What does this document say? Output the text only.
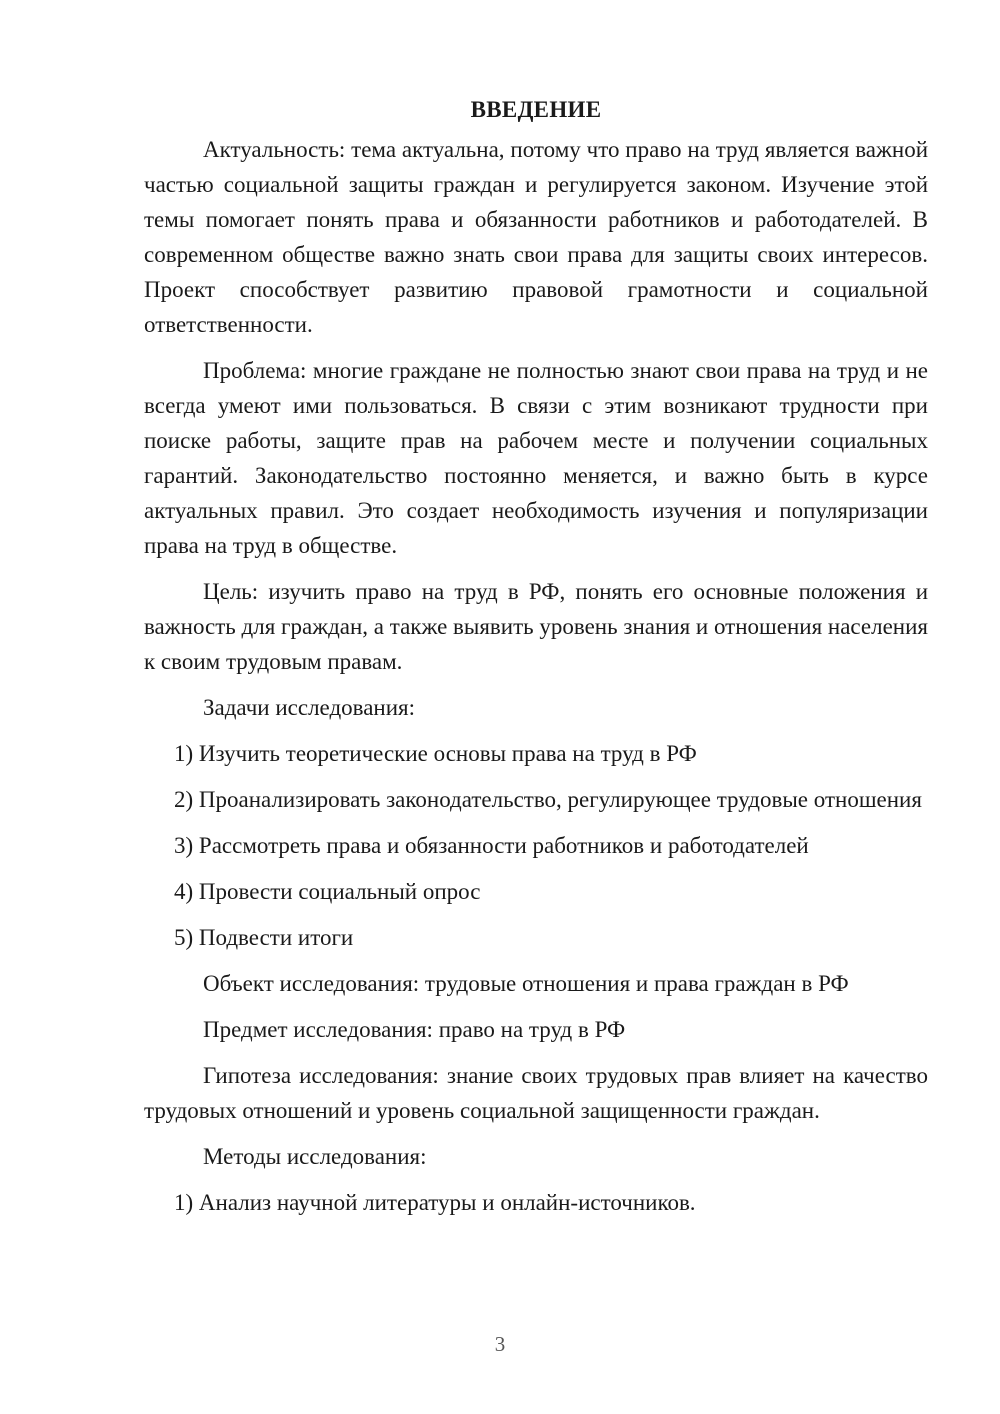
ВВЕДЕНИЕ

Актуальность: тема актуальна, потому что право на труд является важной частью социальной защиты граждан и регулируется законом. Изучение этой темы помогает понять права и обязанности работников и работодателей. В современном обществе важно знать свои права для защиты своих интересов. Проект способствует развитию правовой грамотности и социальной ответственности.

Проблема: многие граждане не полностью знают свои права на труд и не всегда умеют ими пользоваться. В связи с этим возникают трудности при поиске работы, защите прав на рабочем месте и получении социальных гарантий. Законодательство постоянно меняется, и важно быть в курсе актуальных правил. Это создает необходимость изучения и популяризации права на труд в обществе.

Цель: изучить право на труд в РФ, понять его основные положения и важность для граждан, а также выявить уровень знания и отношения населения к своим трудовым правам.

Задачи исследования:

1) Изучить теоретические основы права на труд в РФ

2) Проанализировать законодательство, регулирующее трудовые отношения

3) Рассмотреть права и обязанности работников и работодателей

4) Провести социальный опрос

5) Подвести итоги

Объект исследования: трудовые отношения и права граждан в РФ

Предмет исследования: право на труд в РФ

Гипотеза исследования: знание своих трудовых прав влияет на качество трудовых отношений и уровень социальной защищенности граждан.

Методы исследования:

1) Анализ научной литературы и онлайн-источников.

3
